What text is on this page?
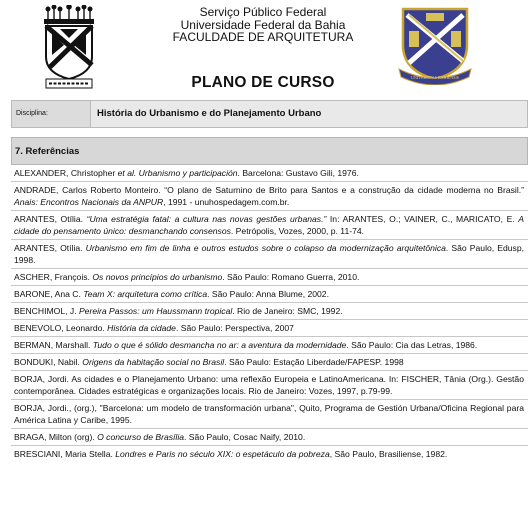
Serviço Público Federal
Universidade Federal da Bahia
FACULDADE DE ARQUITETURA
PLANO DE CURSO	UNIVERSITAS BAHIENSIS
Disciplina:	História do Urbanismo e do Planejamento Urbano
7. Referências
ALEXANDER, Christopher et al. Urbanismo y participación. Barcelona: Gustavo Gili, 1976.
ANDRADE, Carlos Roberto Monteiro. “O plano de Saturnino de Brito para Santos e a construção da cidade moderna no Brasil.” Anais: Encontros Nacionais da ANPUR, 1991 - unuhospedagem.com.br.
ARANTES, Otília. “Uma estratégia fatal: a cultura nas novas gestões urbanas.” In: ARANTES, O.; VAINER, C., MARICATO, E. A cidade do pensamento único: desmanchando consensos. Petrópolis, Vozes, 2000, p. 11-74.
ARANTES, Otília. Urbanismo em fim de linha e outros estudos sobre o colapso da modernização arquitetônica. São Paulo, Edusp, 1998.
ASCHER, François. Os novos princípios do urbanismo. São Paulo: Romano Guerra, 2010.
BARONE, Ana C. Team X: arquitetura como crítica. São Paulo: Anna Blume, 2002.
BENCHIMOL, J. Pereira Passos: um Haussmann tropical. Rio de Janeiro: SMC, 1992.
BENEVOLO, Leonardo. História da cidade. São Paulo: Perspectiva, 2007
BERMAN, Marshall. Tudo o que é sólido desmancha no ar: a aventura da modernidade. São Paulo: Cia das Letras, 1986.
BONDUKI, Nabil. Origens da habitação social no Brasil. São Paulo: Estação Liberdade/FAPESP. 1998
BORJA, Jordi. As cidades e o Planejamento Urbano: uma reflexão Europeia e LatinoAmericana. In: FISCHER, Tânia (Org.). Gestão contemporânea. Cidades estratégicas e organizações locais. Rio de Janeiro: Vozes, 1997, p.79-99.
BORJA, Jordi., (org.), "Barcelona: um modelo de transformación urbana", Quito, Programa de Gestión Urbana/Oficina Regional para América Latina y Caribe, 1995.
BRAGA, Milton (org). O concurso de Brasília. São Paulo, Cosac Naify, 2010.
BRESCIANI, Maria Stella. Londres e Paris no século XIX: o espetáculo da pobreza, São Paulo, Brasiliense, 1982.
